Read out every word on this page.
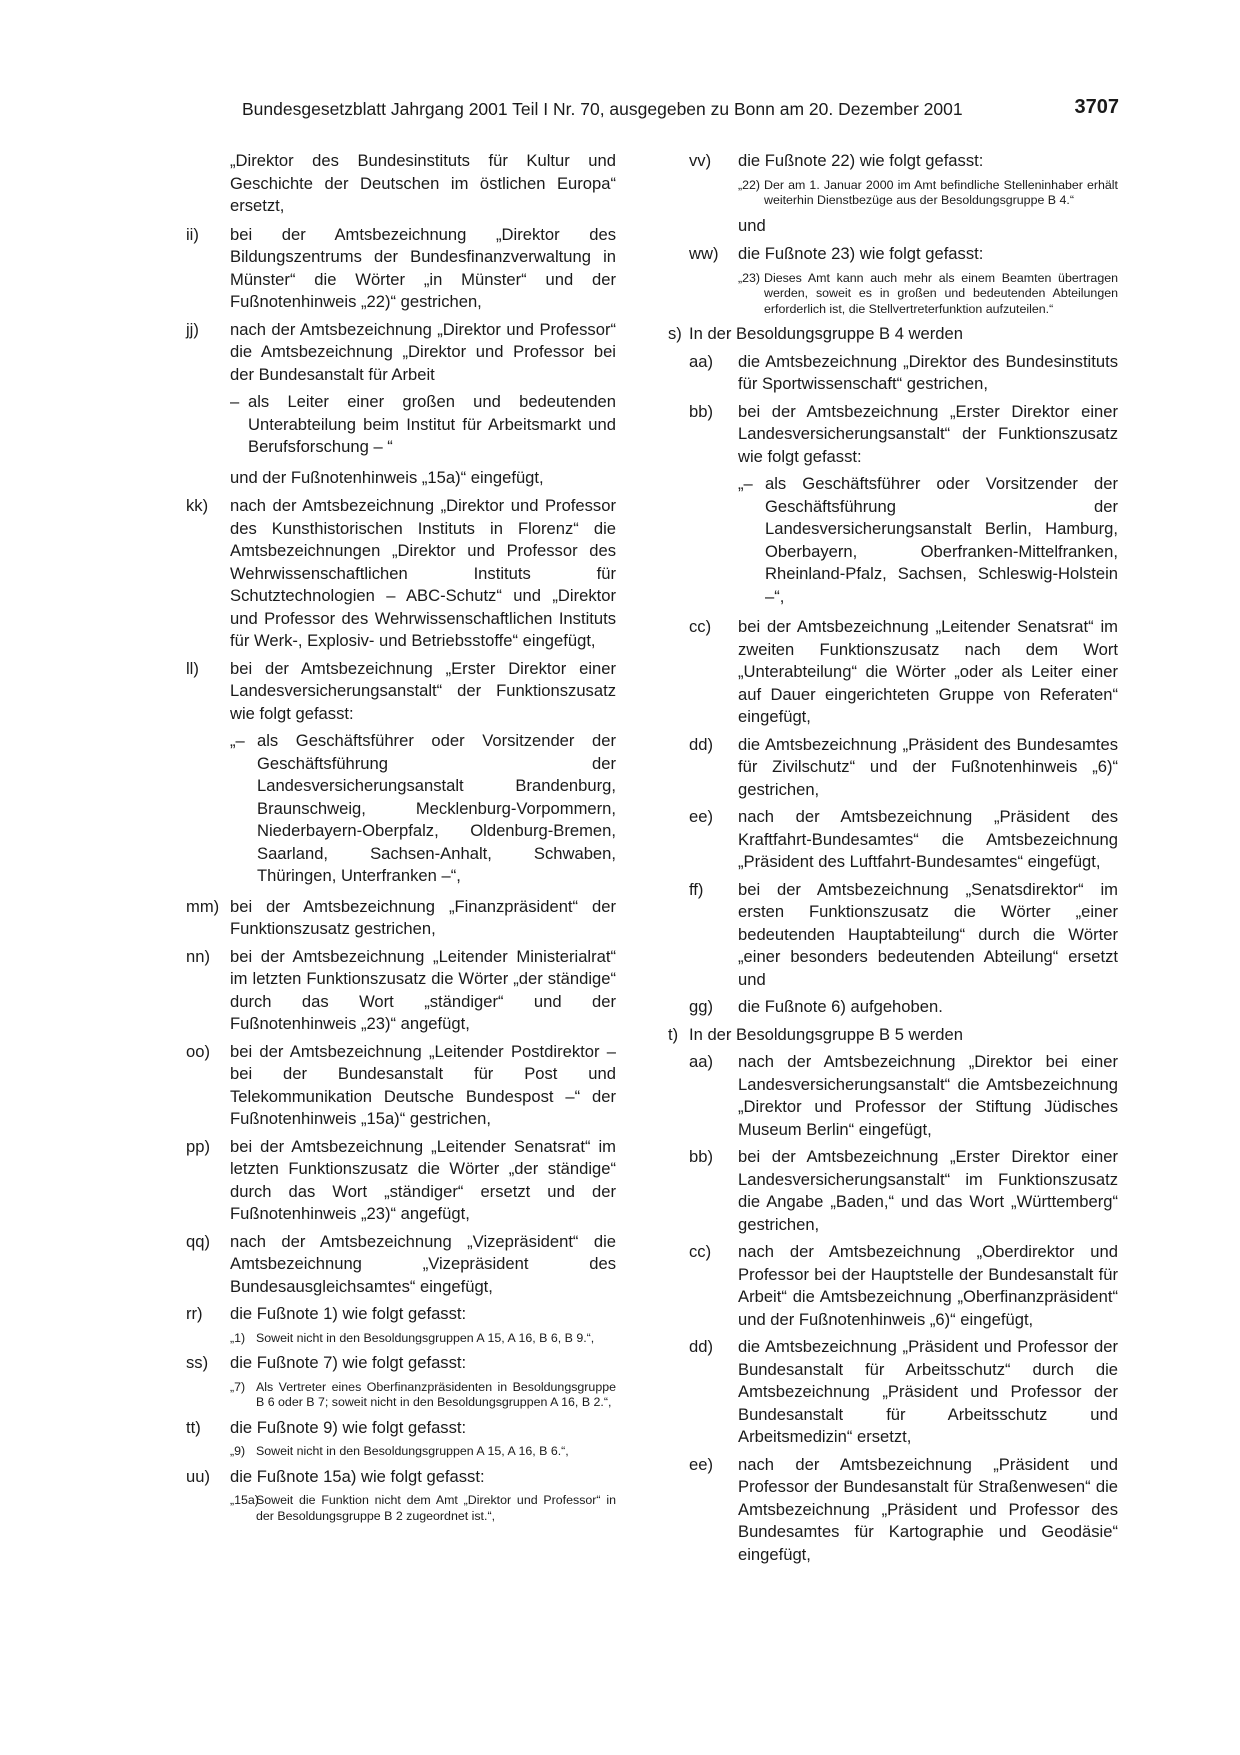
Bundesgesetzblatt Jahrgang 2001 Teil I Nr. 70, ausgegeben zu Bonn am 20. Dezember 2001	3707
„Direktor des Bundesinstituts für Kultur und Geschichte der Deutschen im östlichen Europa“ ersetzt,
ii) bei der Amtsbezeichnung „Direktor des Bildungszentrums der Bundesfinanzverwaltung in Münster“ die Wörter „in Münster“ und der Fußnotenhinweis „22)“ gestrichen,
jj) nach der Amtsbezeichnung „Direktor und Professor“ die Amtsbezeichnung „Direktor und Professor bei der Bundesanstalt für Arbeit
– als Leiter einer großen und bedeutenden Unterabteilung beim Institut für Arbeitsmarkt und Berufsforschung – “
und der Fußnotenhinweis „15a)“ eingefügt,
kk) nach der Amtsbezeichnung „Direktor und Professor des Kunsthistorischen Instituts in Florenz“ die Amtsbezeichnungen „Direktor und Professor des Wehrwissenschaftlichen Instituts für Schutztechnologien – ABC-Schutz“ und „Direktor und Professor des Wehrwissenschaftlichen Instituts für Werk-, Explosiv- und Betriebsstoffe“ eingefügt,
ll) bei der Amtsbezeichnung „Erster Direktor einer Landesversicherungsanstalt“ der Funktionszusatz wie folgt gefasst:
„– als Geschäftsführer oder Vorsitzender der Geschäftsführung der Landesversicherungsanstalt Brandenburg, Braunschweig, Mecklenburg-Vorpommern, Niederbayern-Oberpfalz, Oldenburg-Bremen, Saarland, Sachsen-Anhalt, Schwaben, Thüringen, Unterfranken –“,
mm) bei der Amtsbezeichnung „Finanzpräsident“ der Funktionszusatz gestrichen,
nn) bei der Amtsbezeichnung „Leitender Ministerialrat“ im letzten Funktionszusatz die Wörter „der ständige“ durch das Wort „ständiger“ und der Fußnotenhinweis „23)“ angefügt,
oo) bei der Amtsbezeichnung „Leitender Postdirektor – bei der Bundesanstalt für Post und Telekommunikation Deutsche Bundespost –“ der Fußnotenhinweis „15a)“ gestrichen,
pp) bei der Amtsbezeichnung „Leitender Senatsrat“ im letzten Funktionszusatz die Wörter „der ständige“ durch das Wort „ständiger“ ersetzt und der Fußnotenhinweis „23)“ angefügt,
qq) nach der Amtsbezeichnung „Vizepräsident“ die Amtsbezeichnung „Vizepräsident des Bundesausgleichsamtes“ eingefügt,
rr) die Fußnote 1) wie folgt gefasst:
„1) Soweit nicht in den Besoldungsgruppen A 15, A 16, B 6, B 9.“,
ss) die Fußnote 7) wie folgt gefasst:
„7) Als Vertreter eines Oberfinanzpräsidenten in Besoldungsgruppe B 6 oder B 7; soweit nicht in den Besoldungsgruppen A 16, B 2.“,
tt) die Fußnote 9) wie folgt gefasst:
„9) Soweit nicht in den Besoldungsgruppen A 15, A 16, B 6.“,
uu) die Fußnote 15a) wie folgt gefasst:
„15a)
Soweit die Funktion nicht dem Amt „Direktor und Professor“ in der Besoldungsgruppe B 2 zugeordnet ist.“,
vv) die Fußnote 22) wie folgt gefasst:
„22) Der am 1. Januar 2000 im Amt befindliche Stelleninhaber erhält weiterhin Dienstbezüge aus der Besoldungsgruppe B 4.“
und
ww) die Fußnote 23) wie folgt gefasst:
„23) Dieses Amt kann auch mehr als einem Beamten übertragen werden, soweit es in großen und bedeutenden Abteilungen erforderlich ist, die Stellvertreterfunktion aufzuteilen.“
s) In der Besoldungsgruppe B 4 werden
aa) die Amtsbezeichnung „Direktor des Bundesinstituts für Sportwissenschaft“ gestrichen,
bb) bei der Amtsbezeichnung „Erster Direktor einer Landesversicherungsanstalt“ der Funktionszusatz wie folgt gefasst:
„– als Geschäftsführer oder Vorsitzender der Geschäftsführung der Landesversicherungsanstalt Berlin, Hamburg, Oberbayern, Oberfranken-Mittelfranken, Rheinland-Pfalz, Sachsen, Schleswig-Holstein –“,
cc) bei der Amtsbezeichnung „Leitender Senatsrat“ im zweiten Funktionszusatz nach dem Wort „Unterabteilung“ die Wörter „oder als Leiter einer auf Dauer eingerichteten Gruppe von Referaten“ eingefügt,
dd) die Amtsbezeichnung „Präsident des Bundesamtes für Zivilschutz“ und der Fußnotenhinweis „6)“ gestrichen,
ee) nach der Amtsbezeichnung „Präsident des Kraftfahrt-Bundesamtes“ die Amtsbezeichnung „Präsident des Luftfahrt-Bundesamtes“ eingefügt,
ff) bei der Amtsbezeichnung „Senatsdirektor“ im ersten Funktionszusatz die Wörter „einer bedeutenden Hauptabteilung“ durch die Wörter „einer besonders bedeutenden Abteilung“ ersetzt und
gg) die Fußnote 6) aufgehoben.
t) In der Besoldungsgruppe B 5 werden
aa) nach der Amtsbezeichnung „Direktor bei einer Landesversicherungsanstalt“ die Amtsbezeichnung „Direktor und Professor der Stiftung Jüdisches Museum Berlin“ eingefügt,
bb) bei der Amtsbezeichnung „Erster Direktor einer Landesversicherungsanstalt“ im Funktionszusatz die Angabe „Baden,“ und das Wort „Württemberg“ gestrichen,
cc) nach der Amtsbezeichnung „Oberdirektor und Professor bei der Hauptstelle der Bundesanstalt für Arbeit“ die Amtsbezeichnung „Oberfinanzpräsident“ und der Fußnotenhinweis „6)“ eingefügt,
dd) die Amtsbezeichnung „Präsident und Professor der Bundesanstalt für Arbeitsschutz“ durch die Amtsbezeichnung „Präsident und Professor der Bundesanstalt für Arbeitsschutz und Arbeitsmedizin“ ersetzt,
ee) nach der Amtsbezeichnung „Präsident und Professor der Bundesanstalt für Straßenwesen“ die Amtsbezeichnung „Präsident und Professor des Bundesamtes für Kartographie und Geodäsie“ eingefügt,
